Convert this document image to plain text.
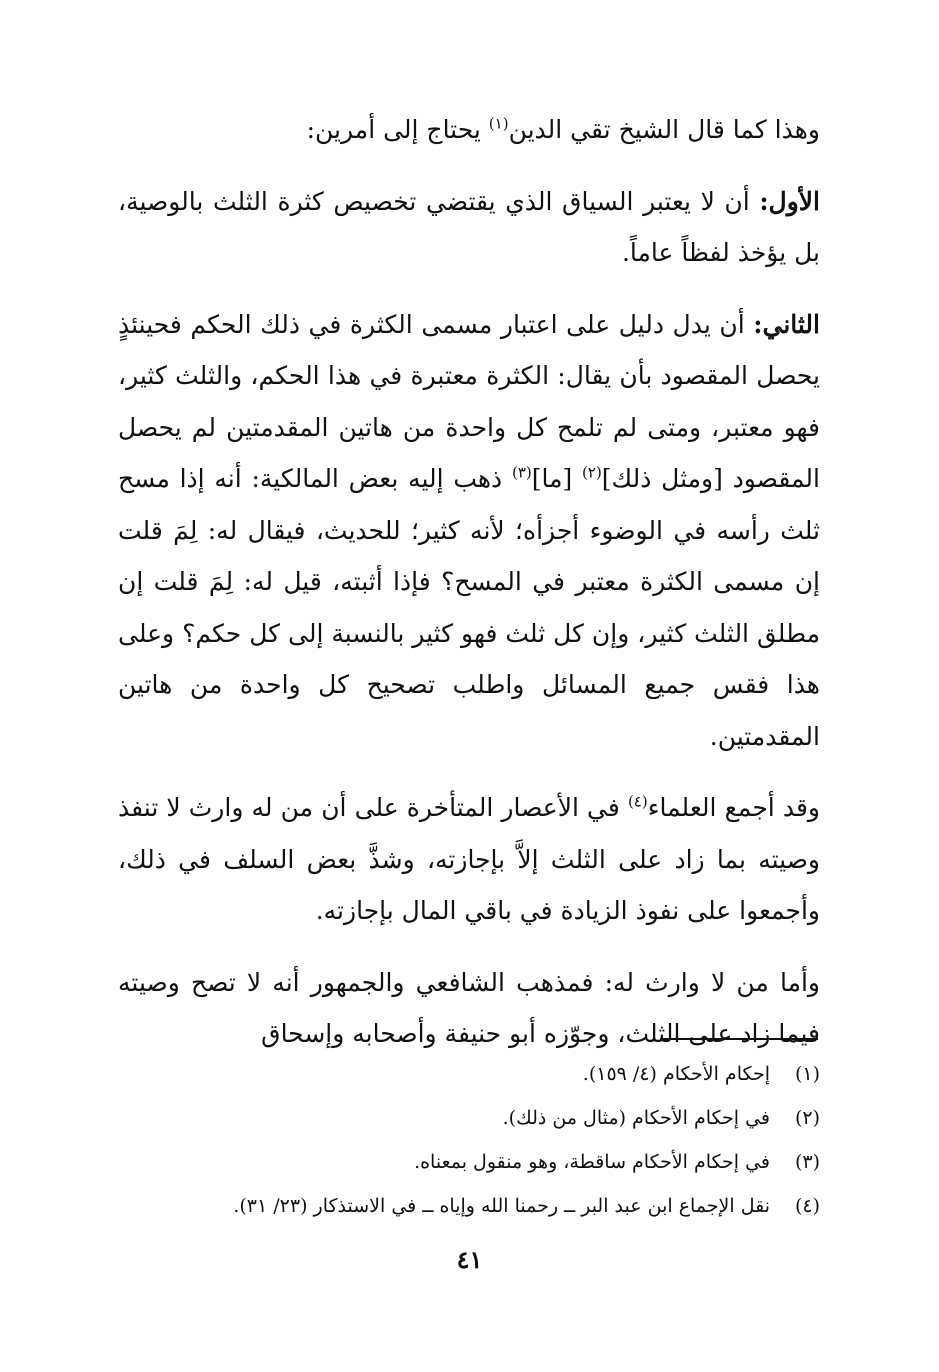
وهذا كما قال الشيخ تقي الدين$^{(١)}$ يحتاج إلى أمرين:

الأول: أن لا يعتبر السياق الذي يقتضي تخصيص كثرة الثلث بالوصية، بل يؤخذ لفظاً عاماً.

الثاني: أن يدل دليل على اعتبار مسمى الكثرة في ذلك الحكم فحينئذٍ يحصل المقصود بأن يقال: الكثرة معتبرة في هذا الحكم، والثلث كثير، فهو معتبر، ومتى لم تلمح كل واحدة من هاتين المقدمتين لم يحصل المقصود [ومثل ذلك]$^{(٢)}$ [ما]$^{(٣)}$ ذهب إليه بعض المالكية: أنه إذا مسح ثلث رأسه في الوضوء أجزأه؛ لأنه كثير؛ للحديث، فيقال له: لِمَ قلت إن مسمى الكثرة معتبر في المسح؟ فإذا أثبته، قيل له: لِمَ قلت إن مطلق الثلث كثير، وإن كل ثلث فهو كثير بالنسبة إلى كل حكم؟ وعلى هذا فقس جميع المسائل واطلب تصحيح كل واحدة من هاتين المقدمتين.

وقد أجمع العلماء$^{(٤)}$ في الأعصار المتأخرة على أن من له وارث لا تنفذ وصيته بما زاد على الثلث إلاَّ بإجازته، وشذَّ بعض السلف في ذلك، وأجمعوا على نفوذ الزيادة في باقي المال بإجازته.

وأما من لا وارث له: فمذهب الشافعي والجمهور أنه لا تصح وصيته فيما زاد على الثلث، وجوّزه أبو حنيفة وأصحابه وإسحاق

(١)
إحكام الأحكام (٤/ ١٥٩).
(٢)
في إحكام الأحكام (مثال من ذلك).
(٣)
في إحكام الأحكام ساقطة، وهو منقول بمعناه.
(٤)
نقل الإجماع ابن عبد البر ــ رحمنا الله وإياه ــ في الاستذكار (٢٣/ ٣١).
٤١
